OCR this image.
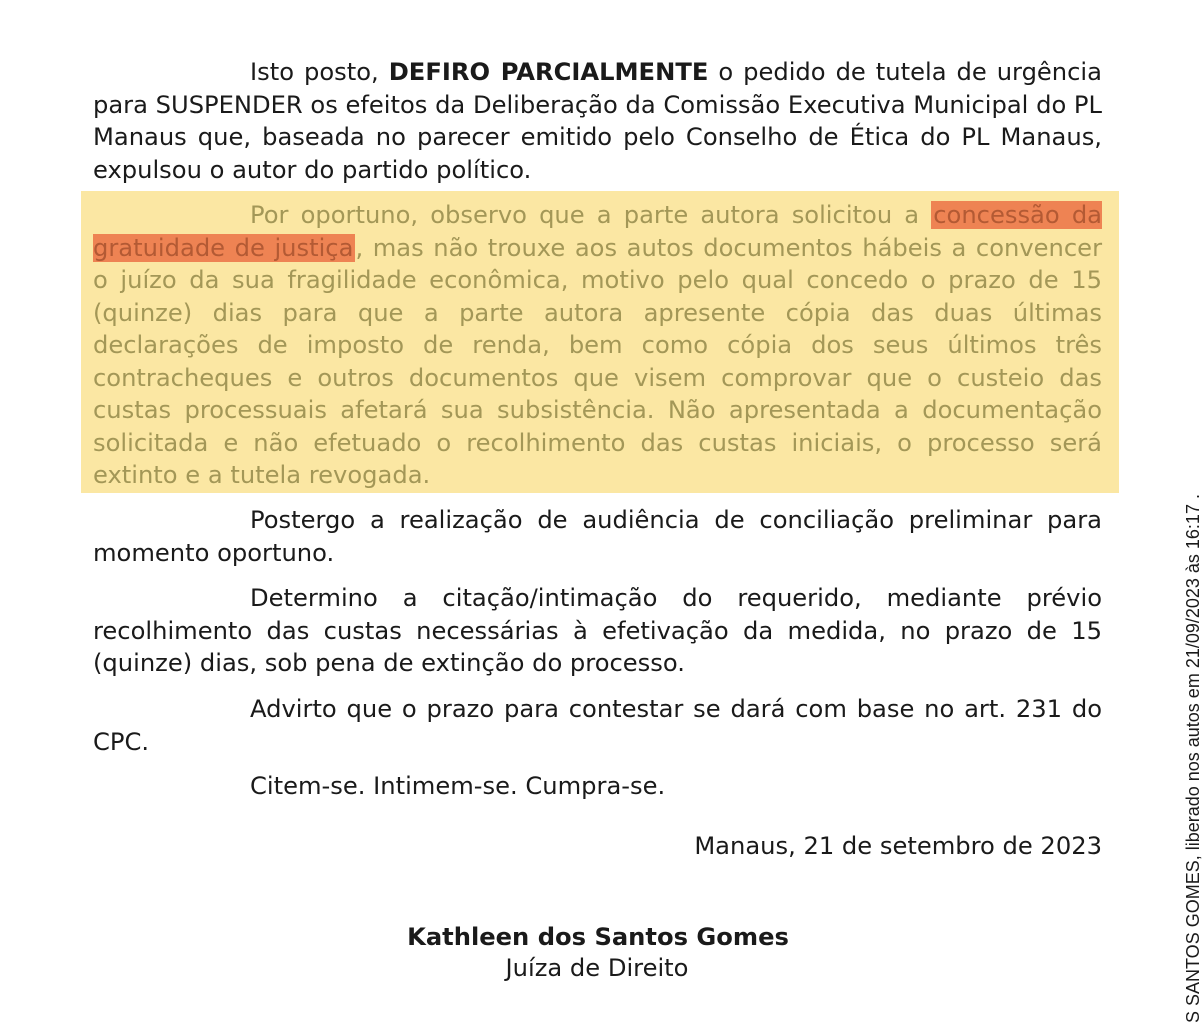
Isto posto, DEFIRO PARCIALMENTE o pedido de tutela de urgência para SUSPENDER os efeitos da Deliberação da Comissão Executiva Municipal do PL Manaus que, baseada no parecer emitido pelo Conselho de Ética do PL Manaus, expulsou o autor do partido político.

Por oportuno, observo que a parte autora solicitou a concessão da gratuidade de justiça, mas não trouxe aos autos documentos hábeis a convencer o juízo da sua fragilidade econômica, motivo pelo qual concedo o prazo de 15 (quinze) dias para que a parte autora apresente cópia das duas últimas declarações de imposto de renda, bem como cópia dos seus últimos três contracheques e outros documentos que visem comprovar que o custeio das custas processuais afetará sua subsistência. Não apresentada a documentação solicitada e não efetuado o recolhimento das custas iniciais, o processo será extinto e a tutela revogada.

Postergo a realização de audiência de conciliação preliminar para momento oportuno.

Determino a citação/intimação do requerido, mediante prévio recolhimento das custas necessárias à efetivação da medida, no prazo de 15 (quinze) dias, sob pena de extinção do processo.

Advirto que o prazo para contestar se dará com base no art. 231 do CPC.

Citem-se. Intimem-se. Cumpra-se.

Manaus, 21 de setembro de 2023

Kathleen dos Santos Gomes

Juíza de Direito	S SANTOS GOMES, liberado nos autos em 21/09/2023 às 16:17 .
